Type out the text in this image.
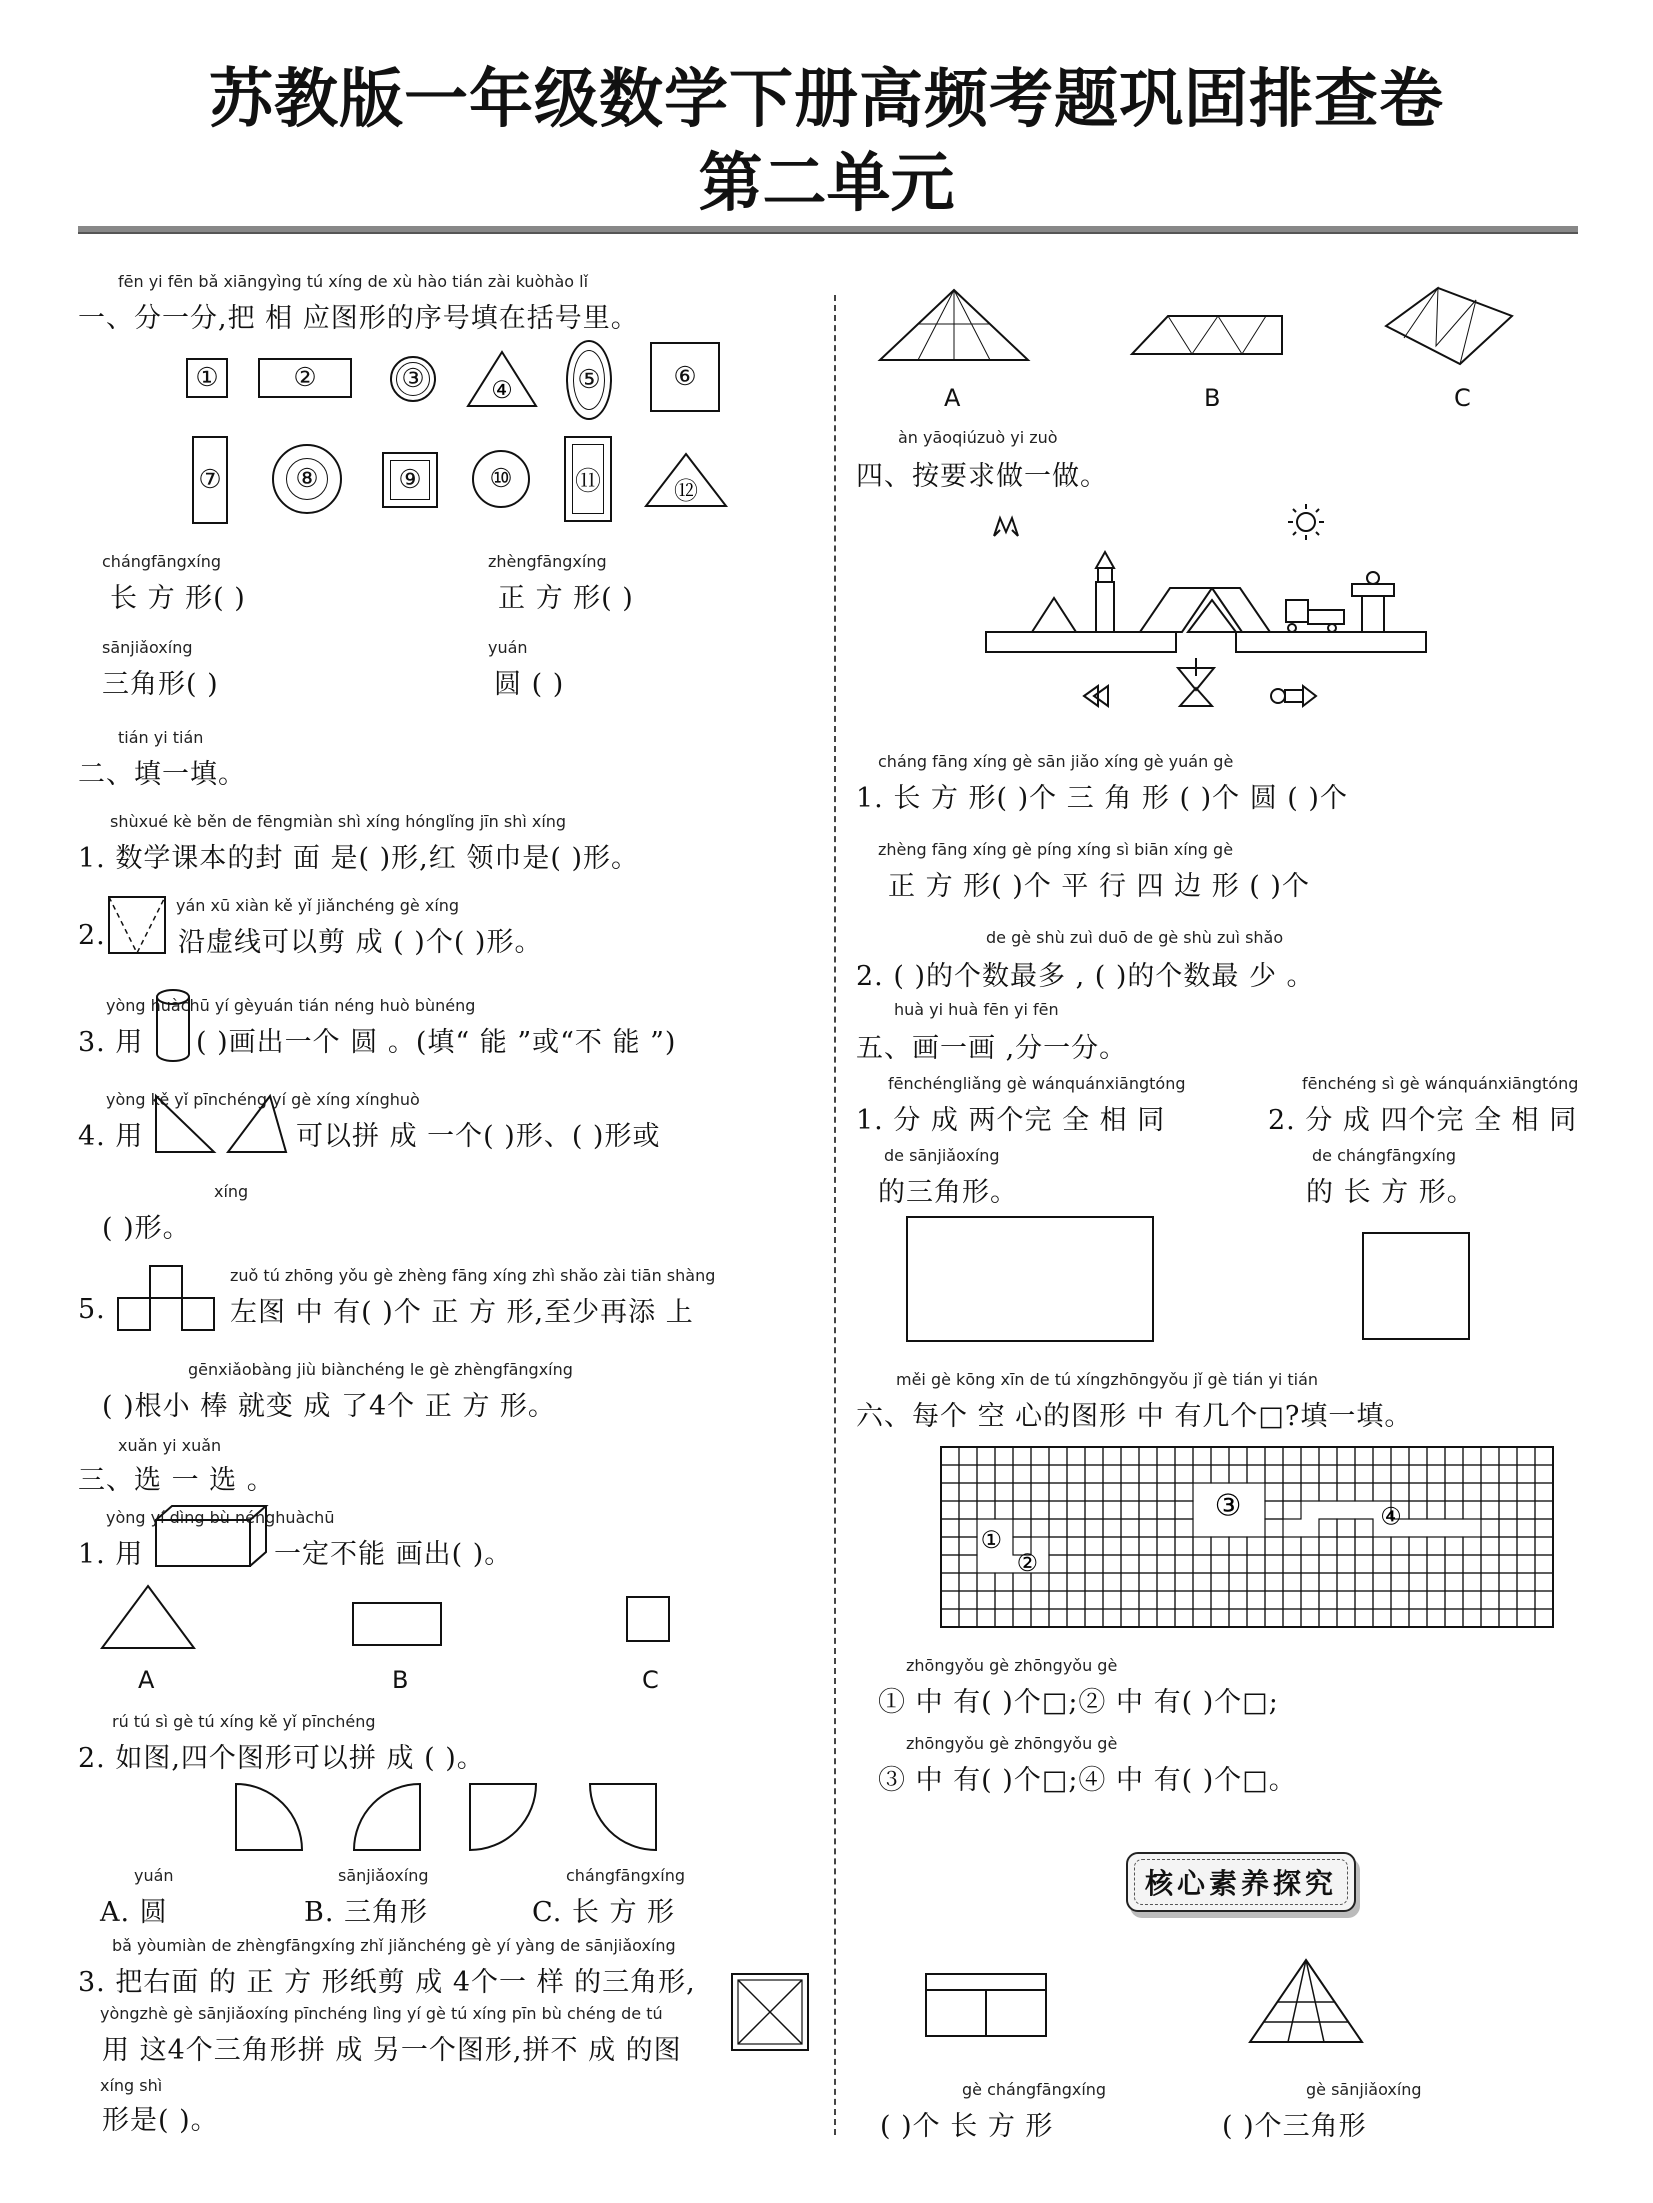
苏教版一年级数学下册高频考题巩固排查卷
第二单元
fēn yi fēn bǎ xiāngyìng tú xíng de xù hào tián zài kuòhào lǐ
一、分一分,把 相 应图形的序号填在括号里。
①	②	③	④ ⑤	⑥
⑦	⑧	⑨	⑩ ⑪	⑫
chángfāngxíng
长 方 形( )
zhèngfāngxíng
正 方 形( )
sānjiǎoxíng
三角形( )
yuán
圆 ( )
tián yi tián
二、填一填。
shùxué kè běn de fēngmiàn shì xíng hónglǐng jīn shì xíng
1. 数学课本的封 面 是( )形,红 领巾是( )形。
yán xū xiàn kě yǐ jiǎnchéng gè xíng
2.	沿虚线可以剪 成 ( )个( )形。
yòng huàchū yí gèyuán tián néng huò bùnéng
3. 用 ( )画出一个 圆 。(填“ 能 ”或“不 能 ”)
yòng kě yǐ pīnchéng yí gè xíng xínghuò
4. 用	可以拼 成 一个( )形、( )形或
xíng
( )形。
zuǒ tú zhōng yǒu gè zhèng fāng xíng zhì shǎo zài tiān shàng
5.	左图 中 有( )个 正 方 形,至少再添 上
gēnxiǎobàng jiù biànchéng le gè zhèngfāngxíng
( )根小 棒 就变 成 了4个 正 方 形。
xuǎn yi xuǎn
三、选 一 选 。
yòng yí dìng bù nénghuàchū
1. 用	一定不能 画出( )。
A	B	C
rú tú sì gè tú xíng kě yǐ pīnchéng
2. 如图,四个图形可以拼 成 ( )。
yuán
A. 圆
sānjiǎoxíng
B. 三角形
chángfāngxíng
C. 长 方 形
bǎ yòumiàn de zhèngfāngxíng zhǐ jiǎnchéng gè yí yàng de sānjiǎoxíng
3. 把右面 的 正 方 形纸剪 成 4个一 样 的三角形,
yòngzhè gè sānjiǎoxíng pīnchéng lìng yí gè tú xíng pīn bù chéng de tú
用 这4个三角形拼 成 另一个图形,拼不 成 的图
xíng shì
形是( )。
A	B	C
àn yāoqiúzuò yi zuò
四、按要求做一做。
cháng fāng xíng gè sān jiǎo xíng gè yuán gè
1. 长 方 形( )个 三 角 形 ( )个 圆 ( )个
zhèng fāng xíng gè píng xíng sì biān xíng gè
正 方 形( )个 平 行 四 边 形 ( )个
de gè shù zuì duō de gè shù zuì shǎo
2. ( )的个数最多 , ( )的个数最 少 。
huà yi huà fēn yi fēn
五、画一画 ,分一分。
fēnchéngliǎng gè wánquánxiāngtóng
1. 分 成 两个完 全 相 同
de sānjiǎoxíng
的三角形。
fēnchéng sì gè wánquánxiāngtóng
2. 分 成 四个完 全 相 同
de chángfāngxíng
的 长 方 形。
měi gè kōng xīn de tú xíngzhōngyǒu jǐ gè tián yi tián
六、每个 空 心的图形 中 有几个□?填一填。
①
②
③	④
zhōngyǒu gè zhōngyǒu gè
① 中 有( )个□;② 中 有( )个□;
zhōngyǒu gè zhōngyǒu gè
③ 中 有( )个□;④ 中 有( )个□。
核心素养探究
gè chángfāngxíng
( )个 长 方 形
gè sānjiǎoxíng
( )个三角形
